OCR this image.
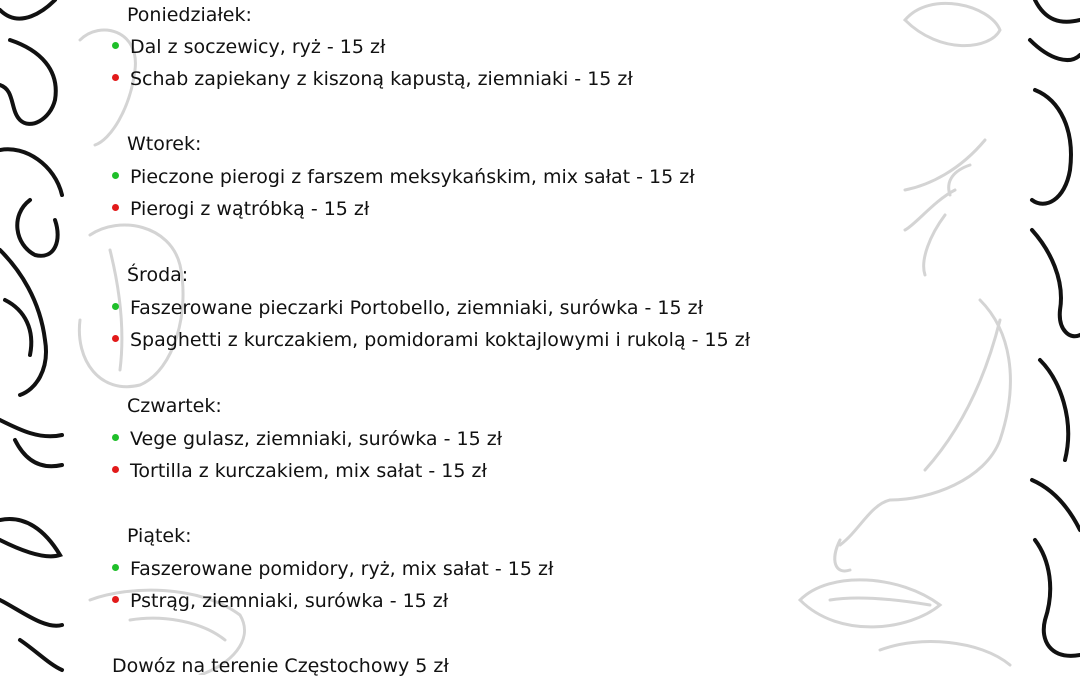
Poniedziałek:
Dal z soczewicy, ryż - 15 zł
Schab zapiekany z kiszoną kapustą, ziemniaki - 15 zł
Wtorek:
Pieczone pierogi z farszem meksykańskim, mix sałat - 15 zł
Pierogi z wątróbką - 15 zł
Środa:
Faszerowane pieczarki Portobello, ziemniaki, surówka - 15 zł
Spaghetti z kurczakiem, pomidorami koktajlowymi i rukolą - 15 zł
Czwartek:
Vege gulasz, ziemniaki, surówka - 15 zł
Tortilla z kurczakiem, mix sałat - 15 zł
Piątek:
Faszerowane pomidory, ryż, mix sałat - 15 zł
Pstrąg, ziemniaki, surówka - 15 zł
Dowóz na terenie Częstochowy 5 zł
